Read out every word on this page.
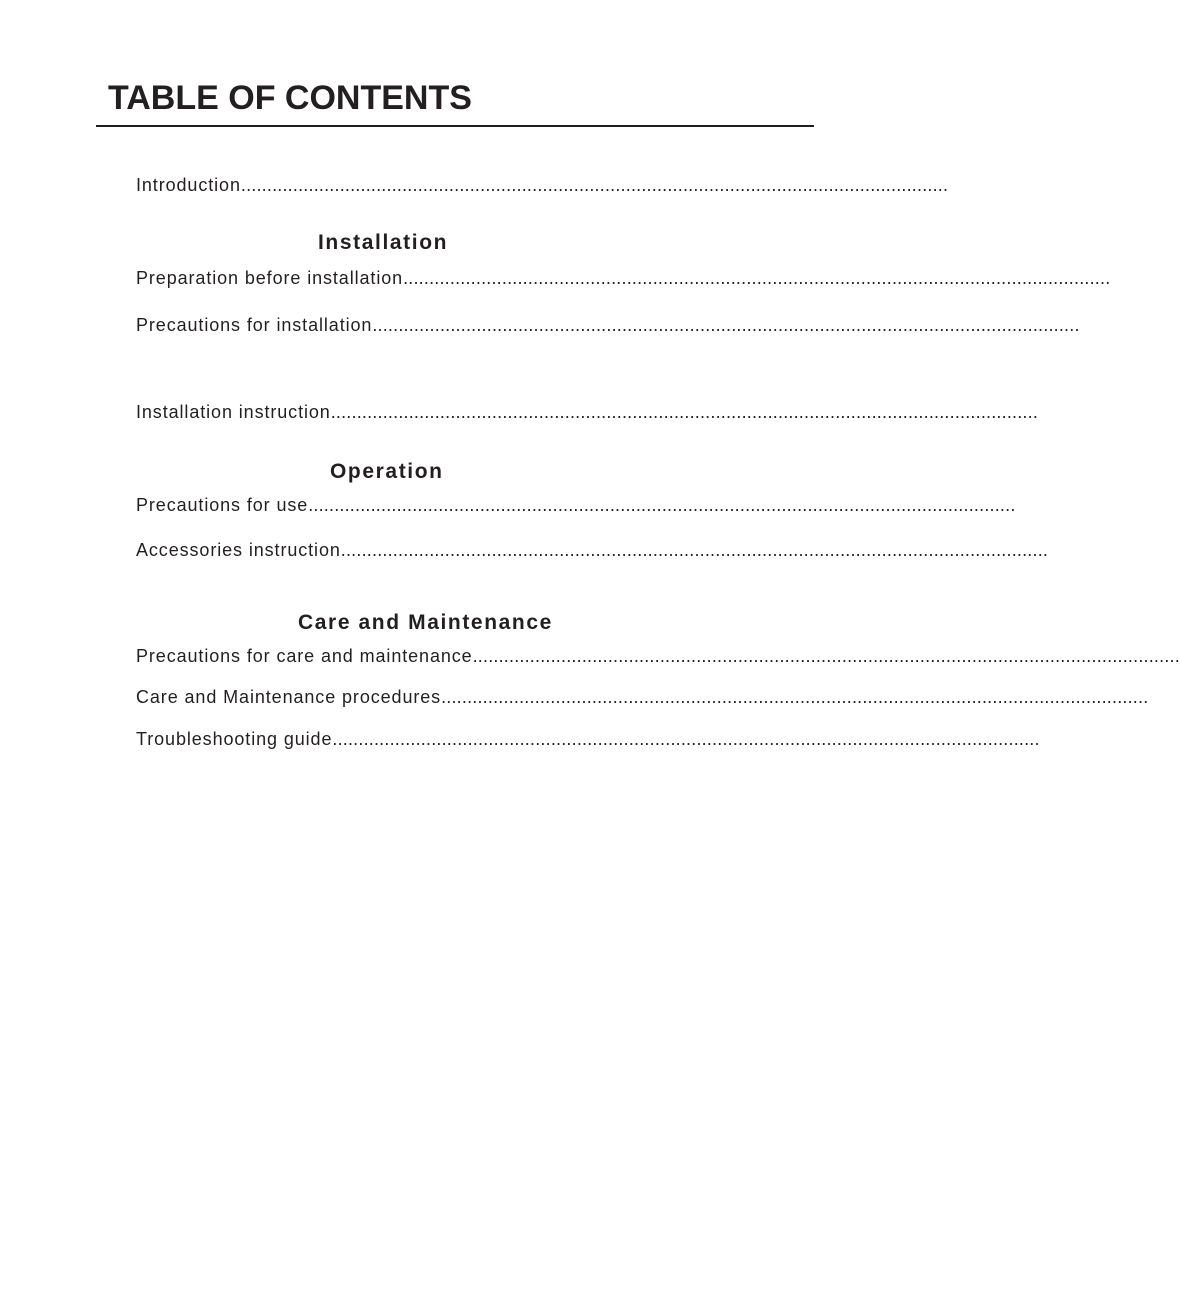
TABLE OF CONTENTS
Introduction ........................................................................................................................................
Installation
Preparation before installation ........................................................................................................................................
Precautions for installation ........................................................................................................................................
Installation instruction ........................................................................................................................................
Operation
Precautions for use ........................................................................................................................................
Accessories instruction ........................................................................................................................................
Care and Maintenance
Precautions for care and maintenance ........................................................................................................................................
Care and Maintenance procedures ........................................................................................................................................
Troubleshooting guide ........................................................................................................................................
